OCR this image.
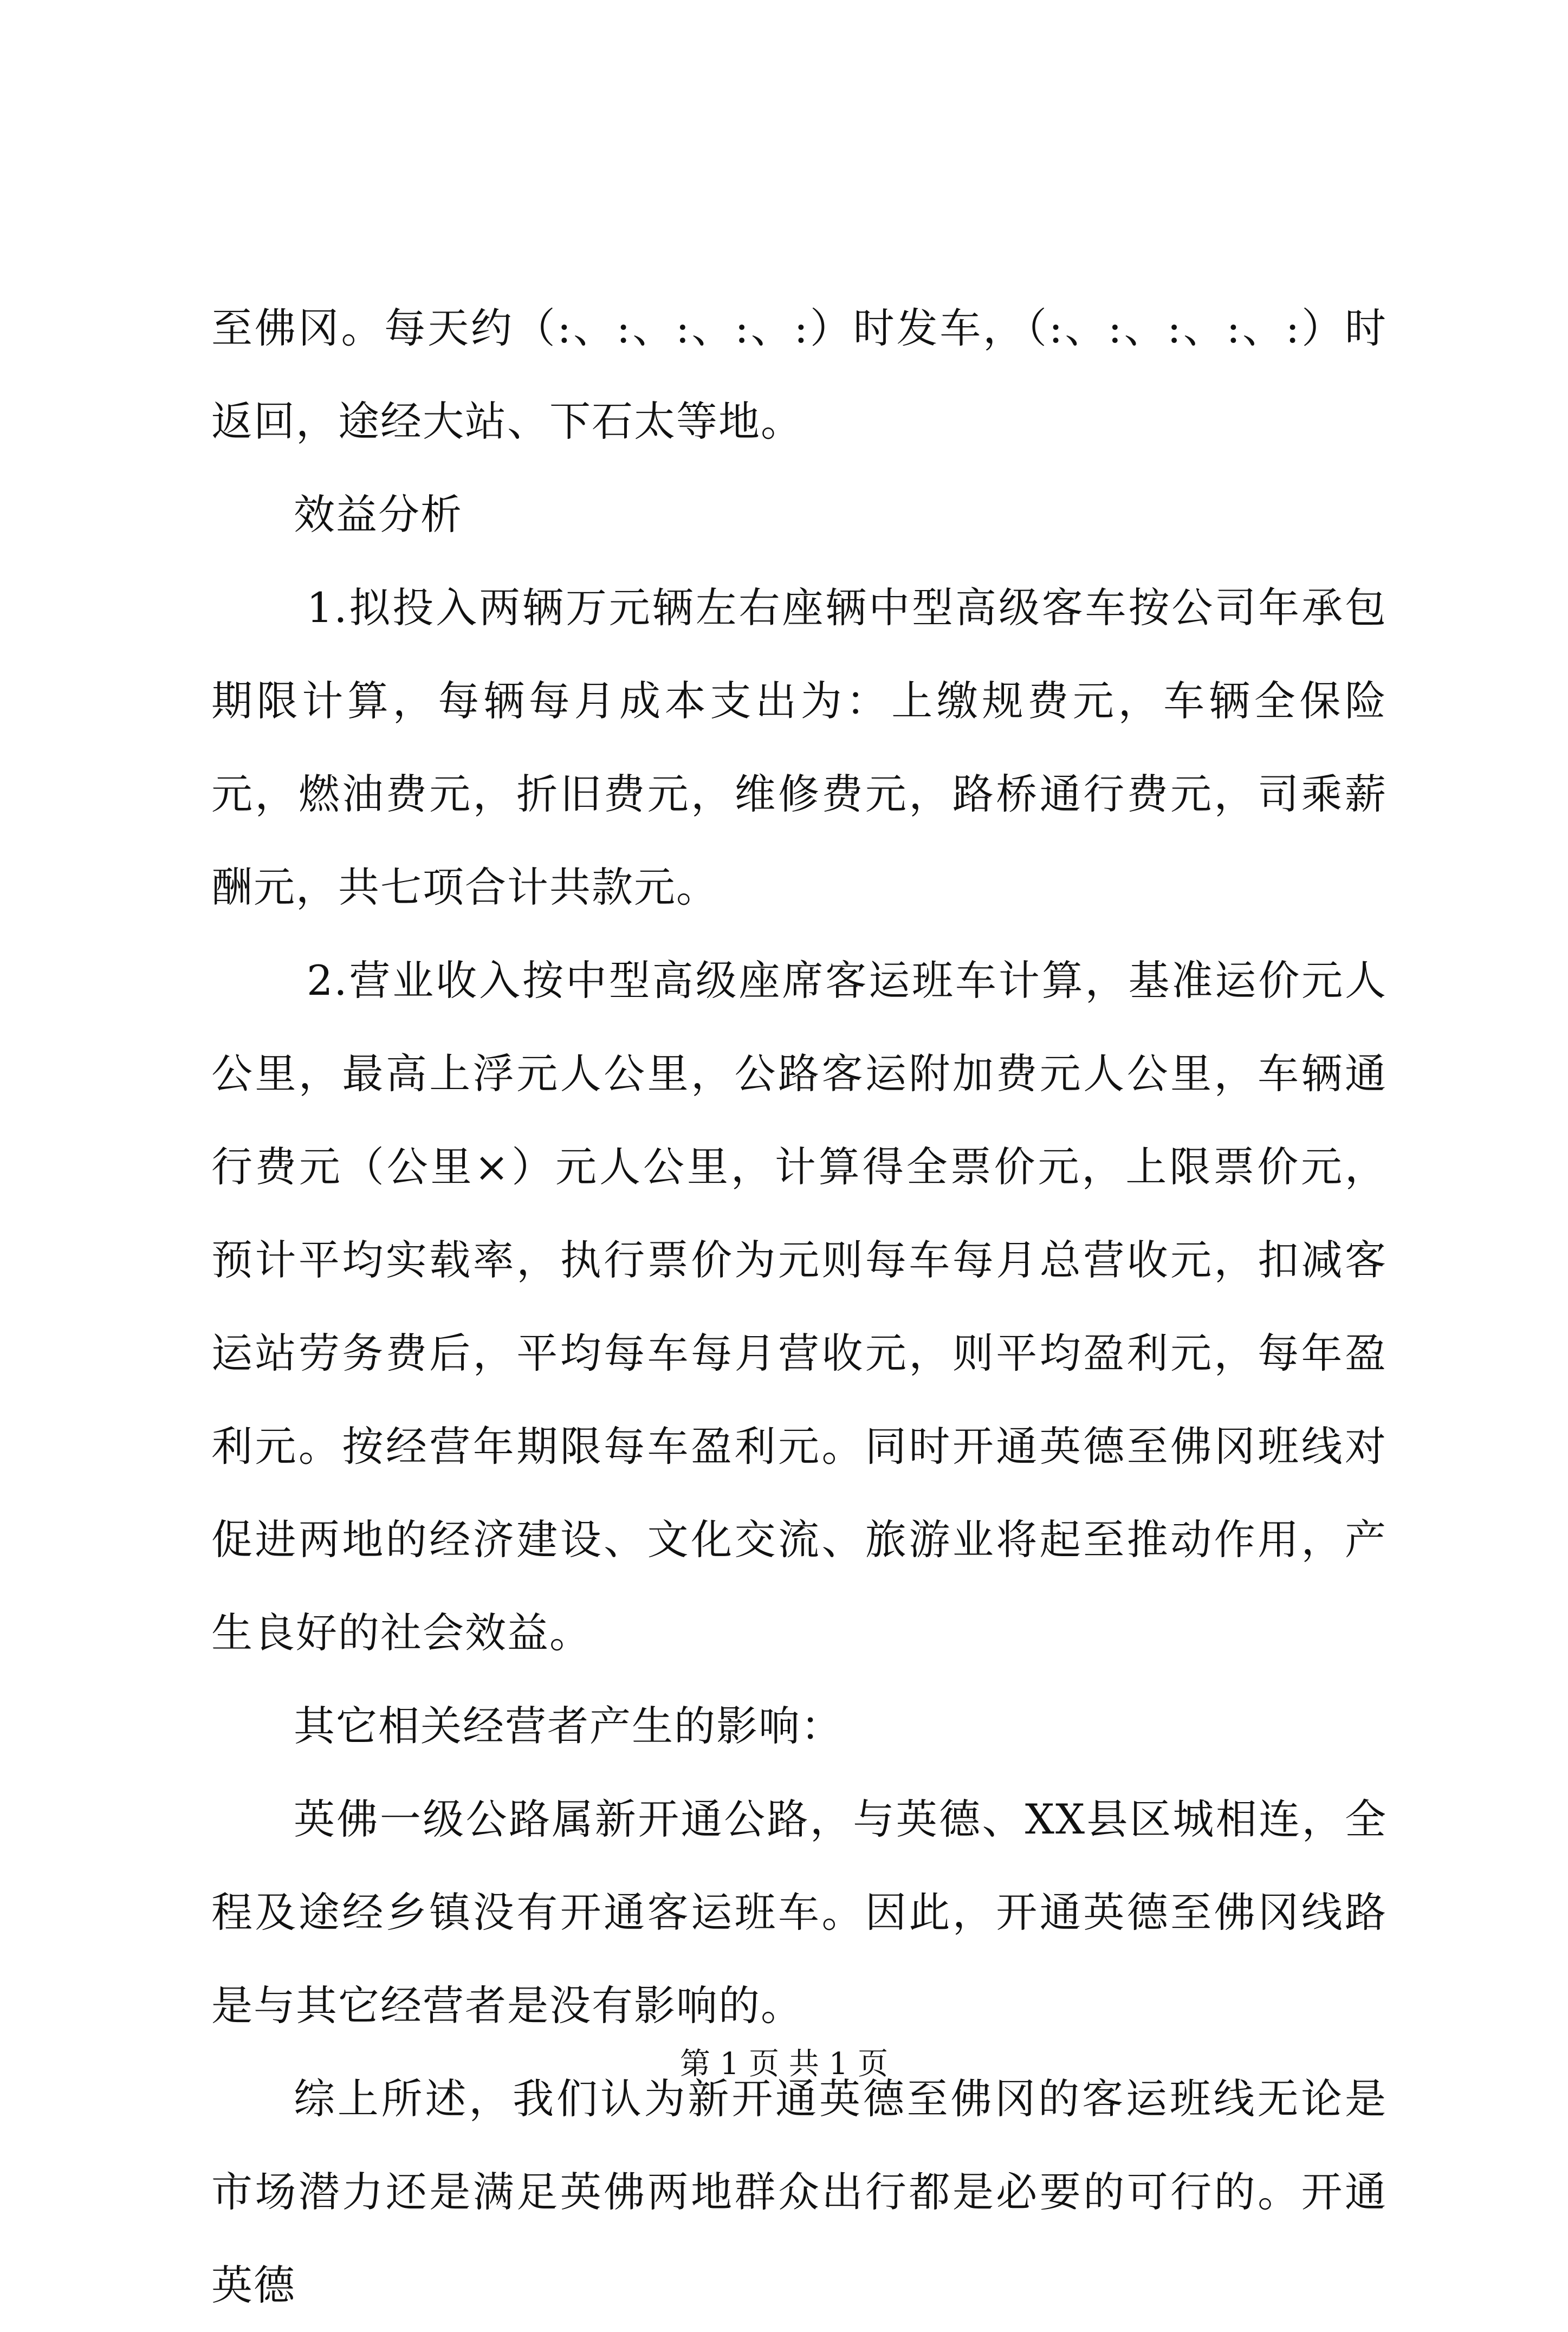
至佛冈。每天约（:、:、:、:、:）时发车，（:、:、:、:、:）时返回，途经大站、下石太等地。

效益分析

1.拟投入两辆万元辆左右座辆中型高级客车按公司年承包期限计算，每辆每月成本支出为：上缴规费元，车辆全保险元，燃油费元，折旧费元，维修费元，路桥通行费元，司乘薪酬元，共七项合计共款元。

2.营业收入按中型高级座席客运班车计算，基准运价元人公里，最高上浮元人公里，公路客运附加费元人公里，车辆通行费元（公里×）元人公里，计算得全票价元，上限票价元，预计平均实载率，执行票价为元则每车每月总营收元，扣减客运站劳务费后，平均每车每月营收元，则平均盈利元，每年盈利元。按经营年期限每车盈利元。同时开通英德至佛冈班线对促进两地的经济建设、文化交流、旅游业将起至推动作用，产生良好的社会效益。

其它相关经营者产生的影响：

英佛一级公路属新开通公路，与英德、XX县区城相连，全程及途经乡镇没有开通客运班车。因此，开通英德至佛冈线路是与其它经营者是没有影响的。

综上所述，我们认为新开通英德至佛冈的客运班线无论是市场潜力还是满足英佛两地群众出行都是必要的可行的。开通英德

第 1 页 共 1 页
